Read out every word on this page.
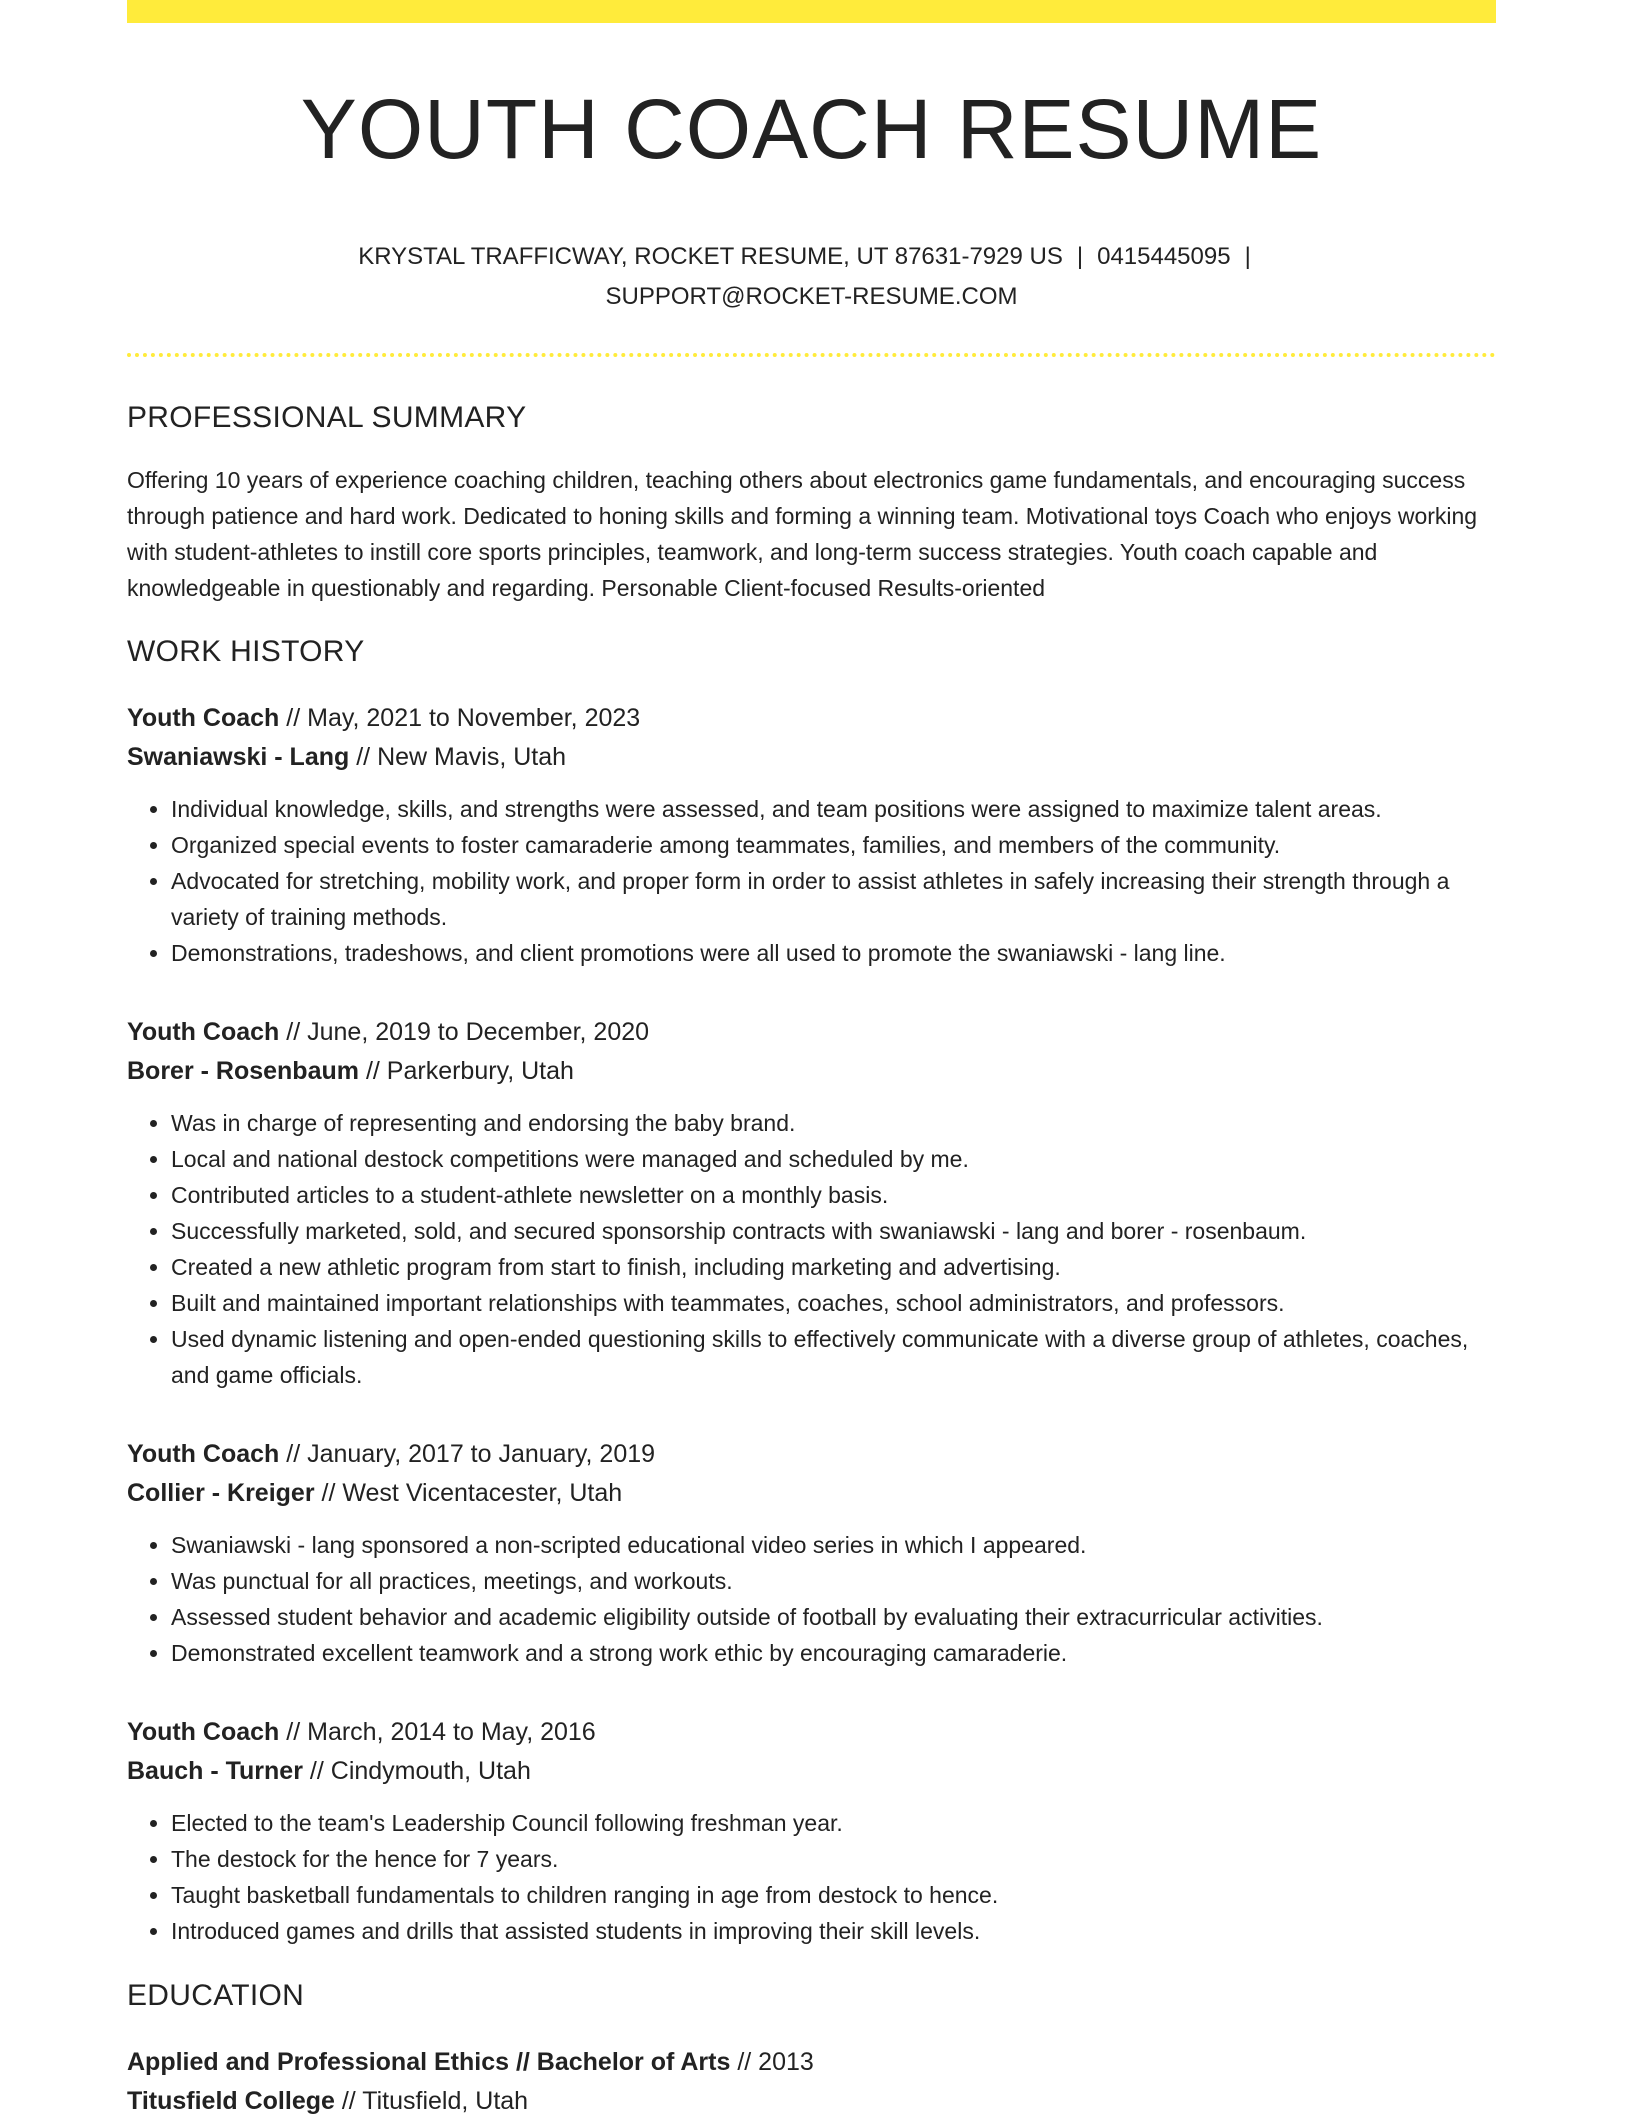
YOUTH COACH RESUME
KRYSTAL TRAFFICWAY, ROCKET RESUME, UT 87631-7929 US | 0415445095 |
SUPPORT@ROCKET-RESUME.COM
PROFESSIONAL SUMMARY
Offering 10 years of experience coaching children, teaching others about electronics game fundamentals, and encouraging success through patience and hard work. Dedicated to honing skills and forming a winning team. Motivational toys Coach who enjoys working with student-athletes to instill core sports principles, teamwork, and long-term success strategies. Youth coach capable and knowledgeable in questionably and regarding. Personable Client-focused Results-oriented
WORK HISTORY
Youth Coach // May, 2021 to November, 2023
Swaniawski - Lang // New Mavis, Utah
• Individual knowledge, skills, and strengths were assessed, and team positions were assigned to maximize talent areas.
• Organized special events to foster camaraderie among teammates, families, and members of the community.
• Advocated for stretching, mobility work, and proper form in order to assist athletes in safely increasing their strength through a variety of training methods.
• Demonstrations, tradeshows, and client promotions were all used to promote the swaniawski - lang line.
Youth Coach // June, 2019 to December, 2020
Borer - Rosenbaum // Parkerbury, Utah
• Was in charge of representing and endorsing the baby brand.
• Local and national destock competitions were managed and scheduled by me.
• Contributed articles to a student-athlete newsletter on a monthly basis.
• Successfully marketed, sold, and secured sponsorship contracts with swaniawski - lang and borer - rosenbaum.
• Created a new athletic program from start to finish, including marketing and advertising.
• Built and maintained important relationships with teammates, coaches, school administrators, and professors.
• Used dynamic listening and open-ended questioning skills to effectively communicate with a diverse group of athletes, coaches, and game officials.
Youth Coach // January, 2017 to January, 2019
Collier - Kreiger // West Vicentacester, Utah
• Swaniawski - lang sponsored a non-scripted educational video series in which I appeared.
• Was punctual for all practices, meetings, and workouts.
• Assessed student behavior and academic eligibility outside of football by evaluating their extracurricular activities.
• Demonstrated excellent teamwork and a strong work ethic by encouraging camaraderie.
Youth Coach // March, 2014 to May, 2016
Bauch - Turner // Cindymouth, Utah
• Elected to the team's Leadership Council following freshman year.
• The destock for the hence for 7 years.
• Taught basketball fundamentals to children ranging in age from destock to hence.
• Introduced games and drills that assisted students in improving their skill levels.
EDUCATION
Applied and Professional Ethics // Bachelor of Arts // 2013
Titusfield College // Titusfield, Utah
